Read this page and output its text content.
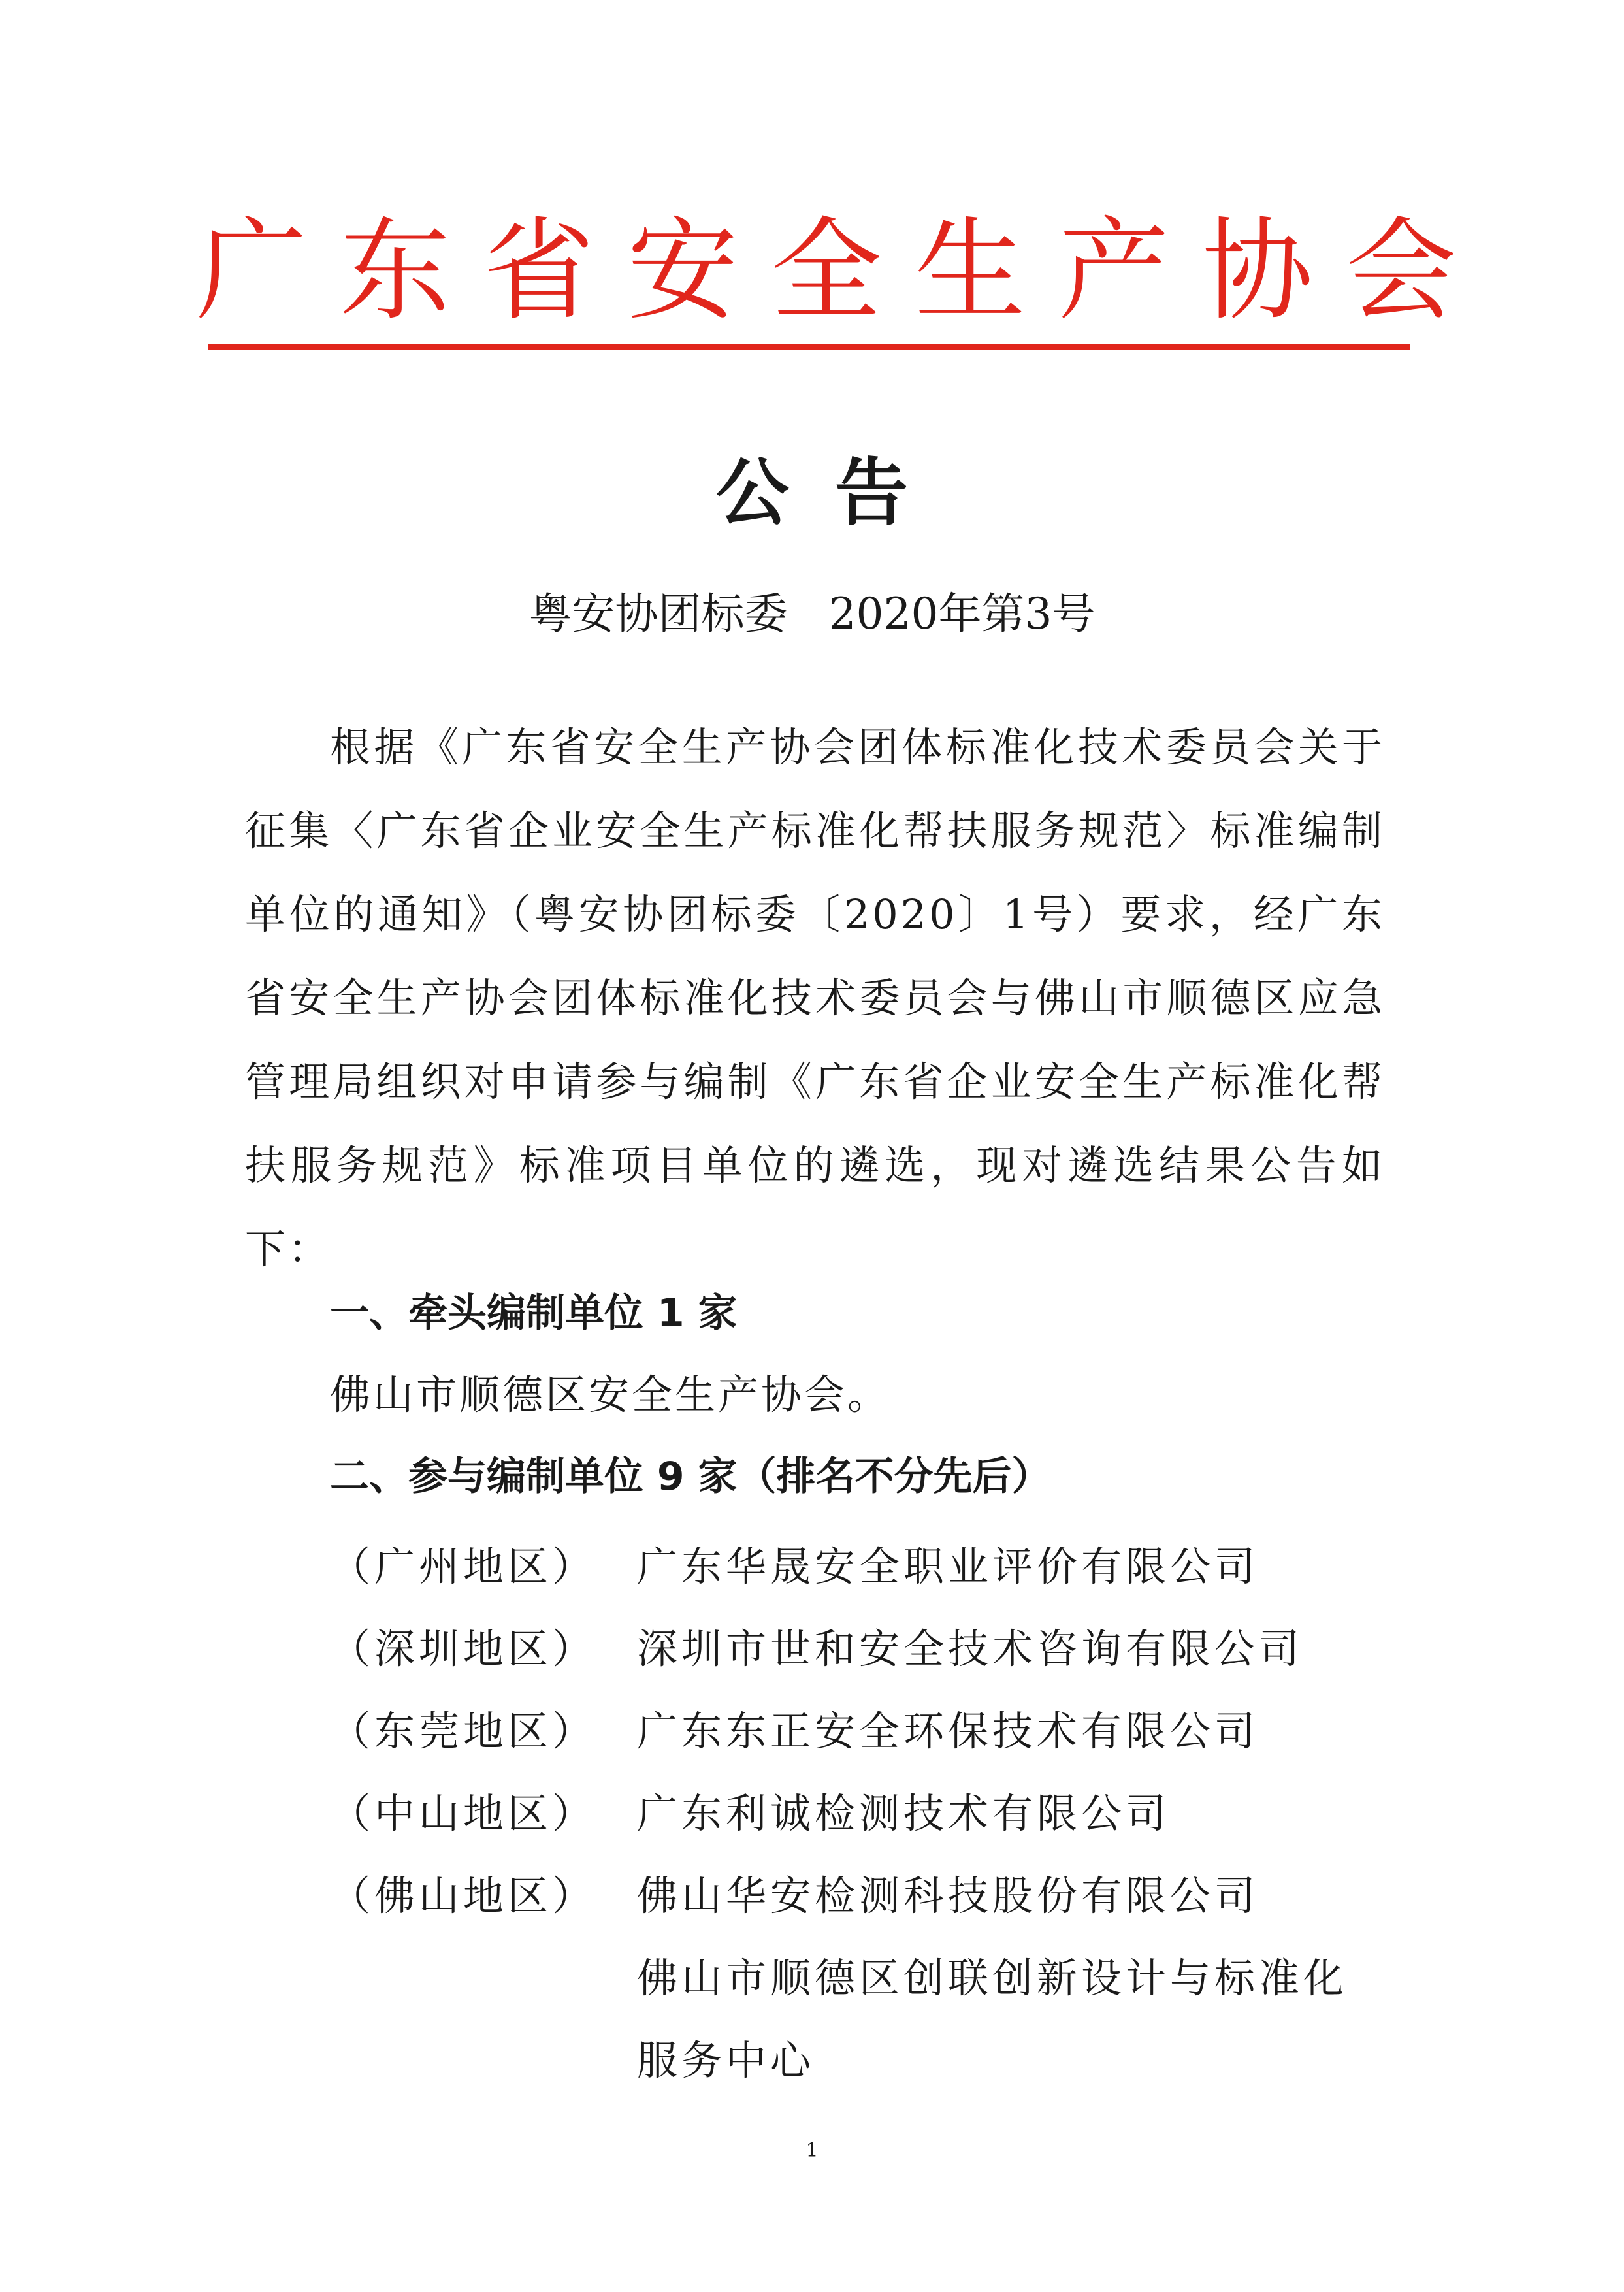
广东省安全生产协会
公告
粤安协团标委   2020年第3号
根据《广东省安全生产协会团体标准化技术委员会关于征集〈广东省企业安全生产标准化帮扶服务规范〉标准编制单位的通知》（粤安协团标委〔2020〕1号）要求，经广东省安全生产协会团体标准化技术委员会与佛山市顺德区应急管理局组织对申请参与编制《广东省企业安全生产标准化帮扶服务规范》标准项目单位的遴选，现对遴选结果公告如下：
一、牵头编制单位 1 家
佛山市顺德区安全生产协会。
二、参与编制单位 9 家（排名不分先后）
（广州地区） 广东华晟安全职业评价有限公司
（深圳地区） 深圳市世和安全技术咨询有限公司
（东莞地区） 广东东正安全环保技术有限公司
（中山地区） 广东利诚检测技术有限公司
（佛山地区） 佛山华安检测科技股份有限公司
佛山市顺德区创联创新设计与标准化服务中心
1
